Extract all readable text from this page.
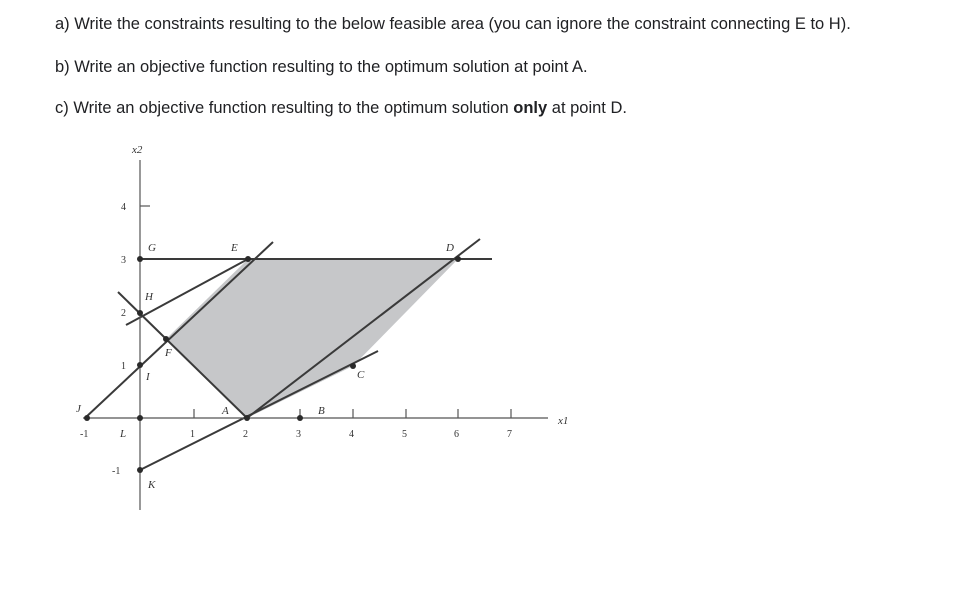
a) Write the constraints resulting to the below feasible area (you can ignore the constraint connecting E to H).
b) Write an objective function resulting to the optimum solution at point A.
c) Write an objective function resulting to the optimum solution only at point D.
x2
x1
4
3
2
1
-1
-1	1	2	3	4	5	6	7
A	B
C
D
E
F
G
H
I
J
K
L
